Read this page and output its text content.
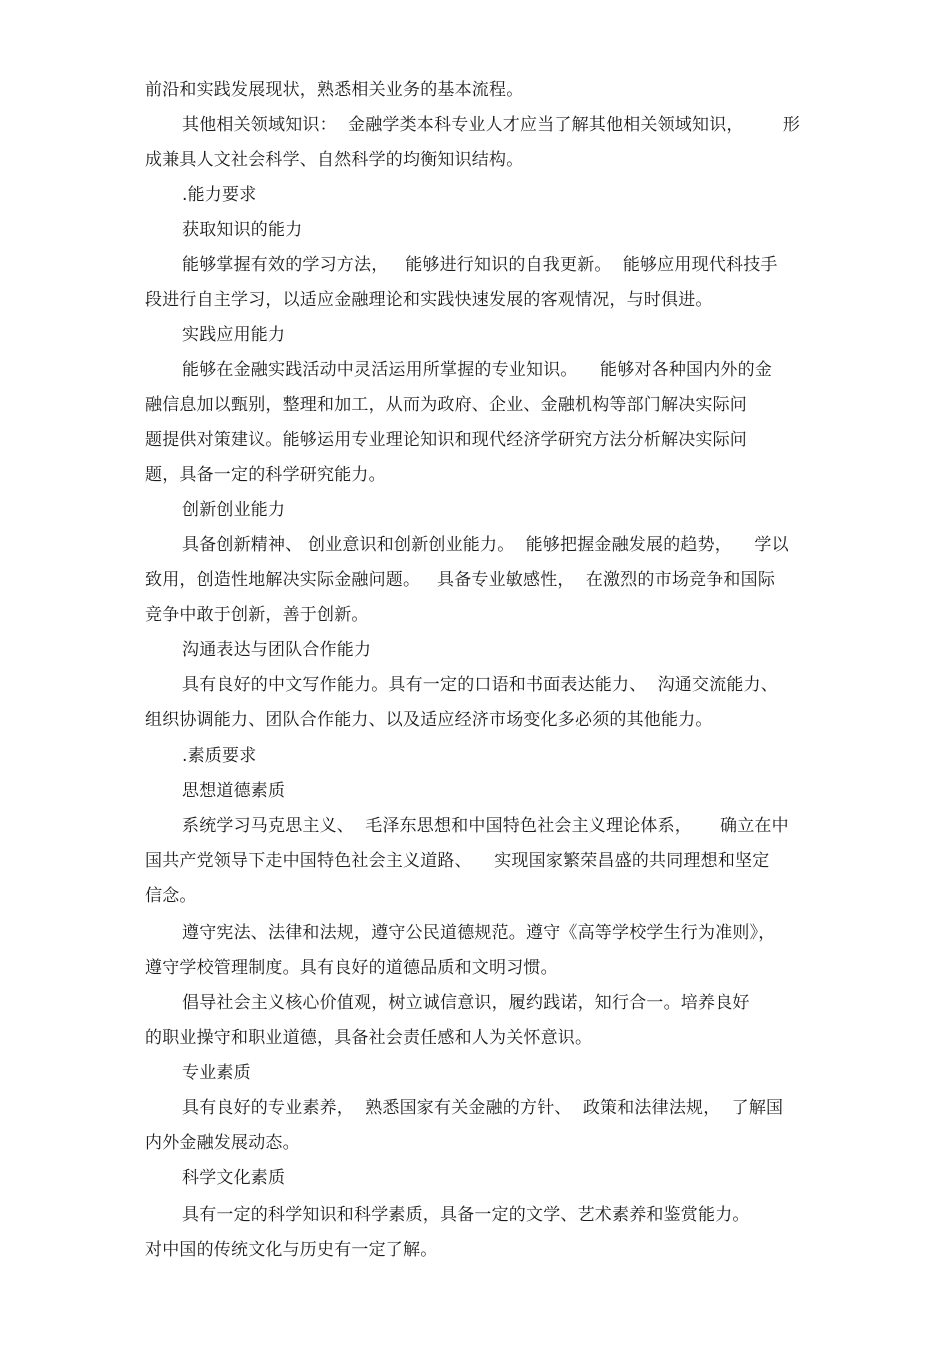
前沿和实践发展现状，熟悉相关业务的基本流程。
其他相关领域知识：  金融学类本科专业人才应当了解其他相关领域知识，       形
成兼具人文社会科学、自然科学的均衡知识结构。
.能力要求
获取知识的能力
能够掌握有效的学习方法，   能够进行知识的自我更新。  能够应用现代科技手
段进行自主学习，以适应金融理论和实践快速发展的客观情况，与时俱进。
实践应用能力
能够在金融实践活动中灵活运用所掌握的专业知识。    能够对各种国内外的金
融信息加以甄别，整理和加工，从而为政府、企业、金融机构等部门解决实际问
题提供对策建议。能够运用专业理论知识和现代经济学研究方法分析解决实际问
题，具备一定的科学研究能力。
创新创业能力
具备创新精神、 创业意识和创新创业能力。  能够把握金融发展的趋势，    学以
致用，创造性地解决实际金融问题。   具备专业敏感性，  在激烈的市场竞争和国际
竞争中敢于创新，善于创新。
沟通表达与团队合作能力
具有良好的中文写作能力。具有一定的口语和书面表达能力、  沟通交流能力、
组织协调能力、团队合作能力、以及适应经济市场变化多必须的其他能力。
.素质要求
思想道德素质
系统学习马克思主义、  毛泽东思想和中国特色社会主义理论体系，     确立在中
国共产党领导下走中国特色社会主义道路、    实现国家繁荣昌盛的共同理想和坚定
信念。
遵守宪法、法律和法规，遵守公民道德规范。遵守《高等学校学生行为准则》，
遵守学校管理制度。具有良好的道德品质和文明习惯。
倡导社会主义核心价值观，树立诚信意识，履约践诺，知行合一。培养良好
的职业操守和职业道德，具备社会责任感和人为关怀意识。
专业素质
具有良好的专业素养，  熟悉国家有关金融的方针、  政策和法律法规，  了解国
内外金融发展动态。
科学文化素质
具有一定的科学知识和科学素质，具备一定的文学、艺术素养和鉴赏能力。
对中国的传统文化与历史有一定了解。
